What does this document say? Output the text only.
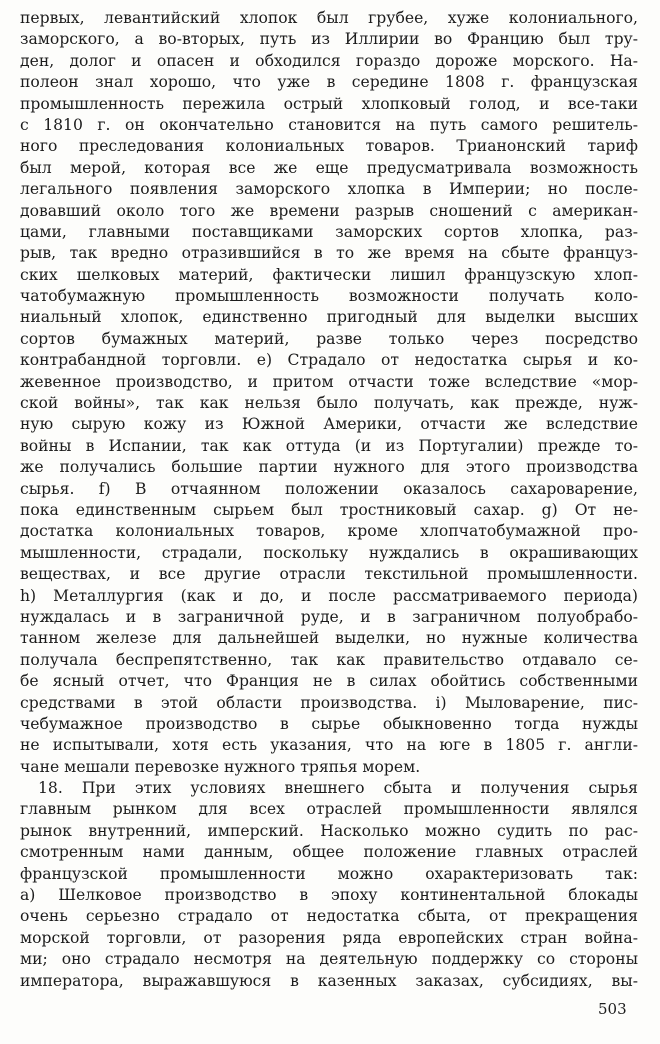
первых, левантийский хлопок был грубее, хуже колониального,
заморского, а во-вторых, путь из Иллирии во Францию был тру-
ден, долог и опасен и обходился гораздо дороже морского. На-
полеон знал хорошо, что уже в середине 1808 г. французская
промышленность пережила острый хлопковый голод, и все-таки
с 1810 г. он окончательно становится на путь самого решитель-
ного преследования колониальных товаров. Трианонский тариф
был мерой, которая все же еще предусматривала возможность
легального появления заморского хлопка в Империи; но после-
довавший около того же времени разрыв сношений с американ-
цами, главными поставщиками заморских сортов хлопка, раз-
рыв, так вредно отразившийся в то же время на сбыте француз-
ских шелковых материй, фактически лишил французскую хлоп-
чатобумажную промышленность возможности получать коло-
ниальный хлопок, единственно пригодный для выделки высших
сортов бумажных материй, разве только через посредство
контрабандной торговли. e) Страдало от недостатка сырья и ко-
жевенное производство, и притом отчасти тоже вследствие «мор-
ской войны», так как нельзя было получать, как прежде, нуж-
ную сырую кожу из Южной Америки, отчасти же вследствие
войны в Испании, так как оттуда (и из Португалии) прежде то-
же получались большие партии нужного для этого производства
сырья. f) В отчаянном положении оказалось сахароварение,
пока единственным сырьем был тростниковый сахар. g) От не-
достатка колониальных товаров, кроме хлопчатобумажной про-
мышленности, страдали, поскольку нуждались в окрашивающих
веществах, и все другие отрасли текстильной промышленности.
h) Металлургия (как и до, и после рассматриваемого периода)
нуждалась и в заграничной руде, и в заграничном полуобрабо-
танном железе для дальнейшей выделки, но нужные количества
получала беспрепятственно, так как правительство отдавало се-
бе ясный отчет, что Франция не в силах обойтись собственными
средствами в этой области производства. i) Мыловарение, пис-
чебумажное производство в сырье обыкновенно тогда нужды
не испытывали, хотя есть указания, что на юге в 1805 г. англи-
чане мешали перевозке нужного тряпья морем.
18. При этих условиях внешнего сбыта и получения сырья
главным рынком для всех отраслей промышленности являлся
рынок внутренний, имперский. Насколько можно судить по рас-
смотренным нами данным, общее положение главных отраслей
французской промышленности можно охарактеризовать так:
a) Шелковое производство в эпоху континентальной блокады
очень серьезно страдало от недостатка сбыта, от прекращения
морской торговли, от разорения ряда европейских стран война-
ми; оно страдало несмотря на деятельную поддержку со стороны
императора, выражавшуюся в казенных заказах, субсидиях, вы-
503
